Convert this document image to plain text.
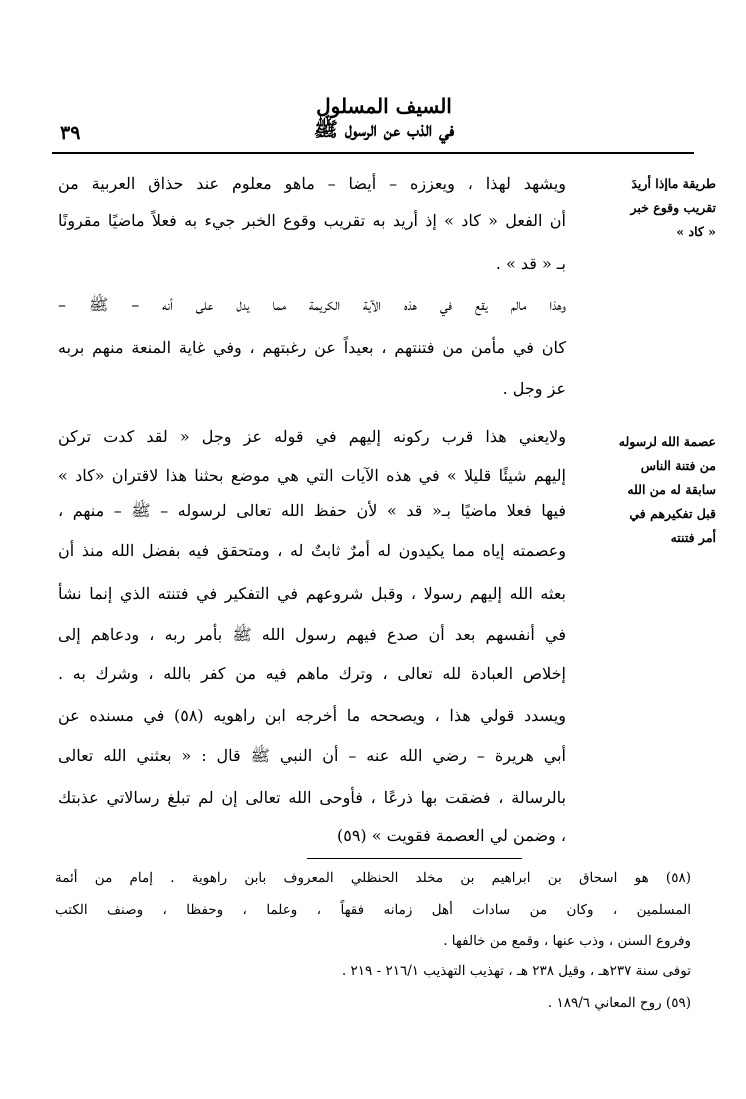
السيف المسلول
في الذب عن الرسول ﷺ
٣٩
طريقة ماإذا أريدَ
تقريب وقوع خبر
« كاد »
عصمة الله لرسوله
من فتنة الناس
سابقة له من الله
قبل تفكيرهم في
أمر فتنته
ويشهد لهذا ، ويعززه – أيضا – ماهو معلوم عند حذاق العربية من
أن الفعل « كاد » إذ أريد به تقريب وقوع الخبر جيء به فعلاً ماضيًا مقرونًا
بـ « قد » .
وهذا مالم يقع في هذه الآية الكريمة مما يدل على أنه – ﷺ –
كان في مأمن من فتنتهم ، بعيداً عن رغبتهم ، وفي غاية المنعة منهم بربه
عز وجل .
ولايعني هذا قرب ركونه إليهم في قوله عز وجل « لقد كدت تركن
إليهم شيئًا قليلا » في هذه الآيات التي هي موضع بحثنا هذا لاقتران «كاد »
فيها فعلا ماضيًا بـ« قد » لأن حفظ الله تعالى لرسوله – ﷺ – منهم ،
وعصمته إياه مما يكيدون له أمرٌ ثابتٌ له ، ومتحقق فيه بفضل الله منذ أن
بعثه الله إليهم رسولا ، وقبل شروعهم في التفكير في فتنته الذي إنما نشأ
في أنفسهم بعد أن صدع فيهم رسول الله ﷺ بأمر ربه ، ودعاهم إلى
إخلاص العبادة لله تعالى ، وترك ماهم فيه من كفر بالله ، وشرك به .
ويسدد قولي هذا ، ويصححه ما أخرجه ابن راهويه (٥٨) في مسنده عن
أبي هريرة – رضي الله عنه – أن النبي ﷺ قال : « بعثني الله تعالى
بالرسالة ، فضقت بها ذرعًا ، فأوحى الله تعالى إن لم تبلغ رسالاتي عذبتك
، وضمن لي العصمة فقويت » (٥٩)
(٥٨) هو اسحاق بن ابراهيم بن مخلد الحنظلي المعروف بابن راهوية . إمام من أئمة
المسلمين ، وكان من سادات أهل زمانه فقهاً ، وعلما ، وحفظا ، وصنف الكتب
وفروع السنن ، وذب عنها ، وقمع من خالفها .
توفى سنة ٢٣٧هـ ، وقيل ٢٣٨ هـ ، تهذيب التهذيب ٢١٦/١ - ٢١٩ .
(٥٩) روح المعاني ١٨٩/٦ .
